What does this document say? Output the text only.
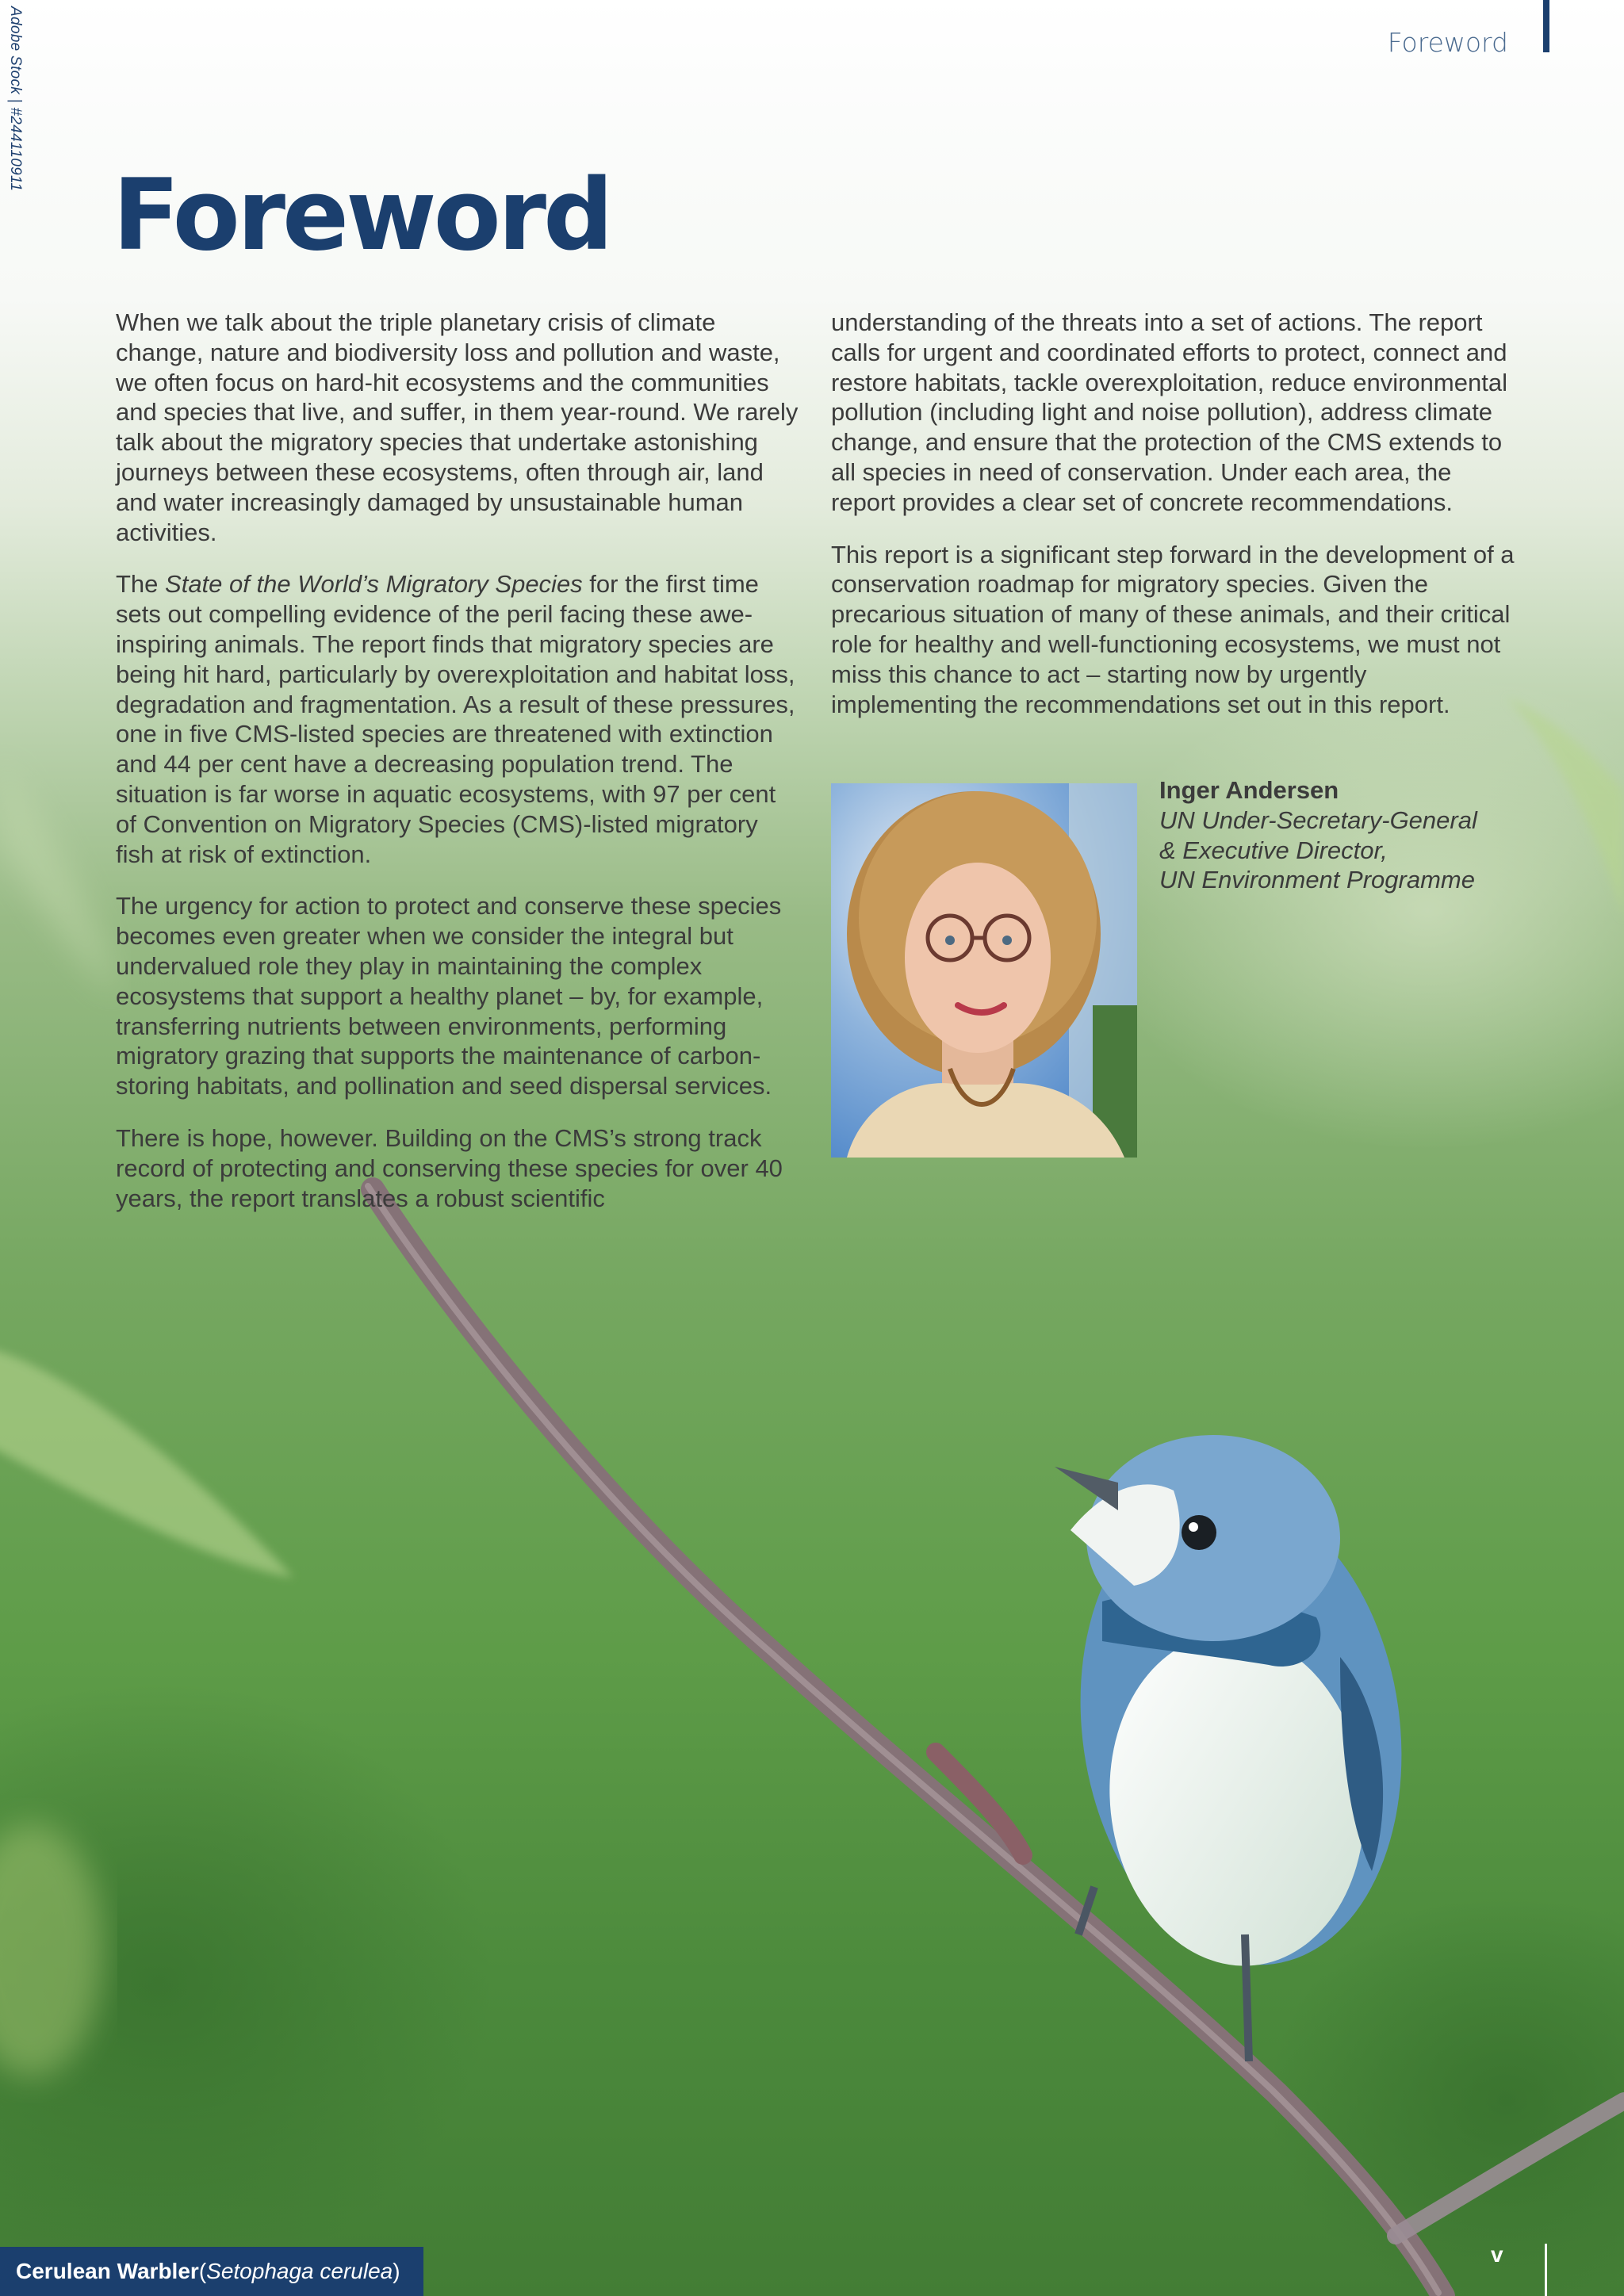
Adobe Stock | #244110911	Foreword
Foreword

When we talk about the triple planetary crisis of climate change, nature and biodiversity loss and pollution and waste, we often focus on hard-hit ecosystems and the communities and species that live, and suffer, in them year-round. We rarely talk about the migratory species that undertake astonishing journeys between these ecosystems, often through air, land and water increasingly damaged by unsustainable human activities.

The State of the World’s Migratory Species for the first time sets out compelling evidence of the peril facing these awe-inspiring animals. The report finds that migratory species are being hit hard, particularly by overexploitation and habitat loss, degradation and fragmentation. As a result of these pressures, one in five CMS-listed species are threatened with extinction and 44 per cent have a decreasing population trend. The situation is far worse in aquatic ecosystems, with 97 per cent of Convention on Migratory Species (CMS)-listed migratory fish at risk of extinction.

The urgency for action to protect and conserve these species becomes even greater when we consider the integral but undervalued role they play in maintaining the complex ecosystems that support a healthy planet – by, for example, transferring nutrients between environments, performing migratory grazing that supports the maintenance of carbon-storing habitats, and pollination and seed dispersal services.

There is hope, however. Building on the CMS’s strong track record of protecting and conserving these species for over 40 years, the report translates a robust scientific

understanding of the threats into a set of actions. The report calls for urgent and coordinated efforts to protect, connect and restore habitats, tackle overexploitation, reduce environmental pollution (including light and noise pollution), address climate change, and ensure that the protection of the CMS extends to all species in need of conservation. Under each area, the report provides a clear set of concrete recommendations.

This report is a significant step forward in the development of a conservation roadmap for migratory species. Given the precarious situation of many of these animals, and their critical role for healthy and well-functioning ecosystems, we must not miss this chance to act – starting now by urgently implementing the recommendations set out in this report.

Inger Andersen
UN Under-Secretary-General
& Executive Director,
UN Environment Programme
Cerulean Warbler ( Setophaga cerulea )
v
